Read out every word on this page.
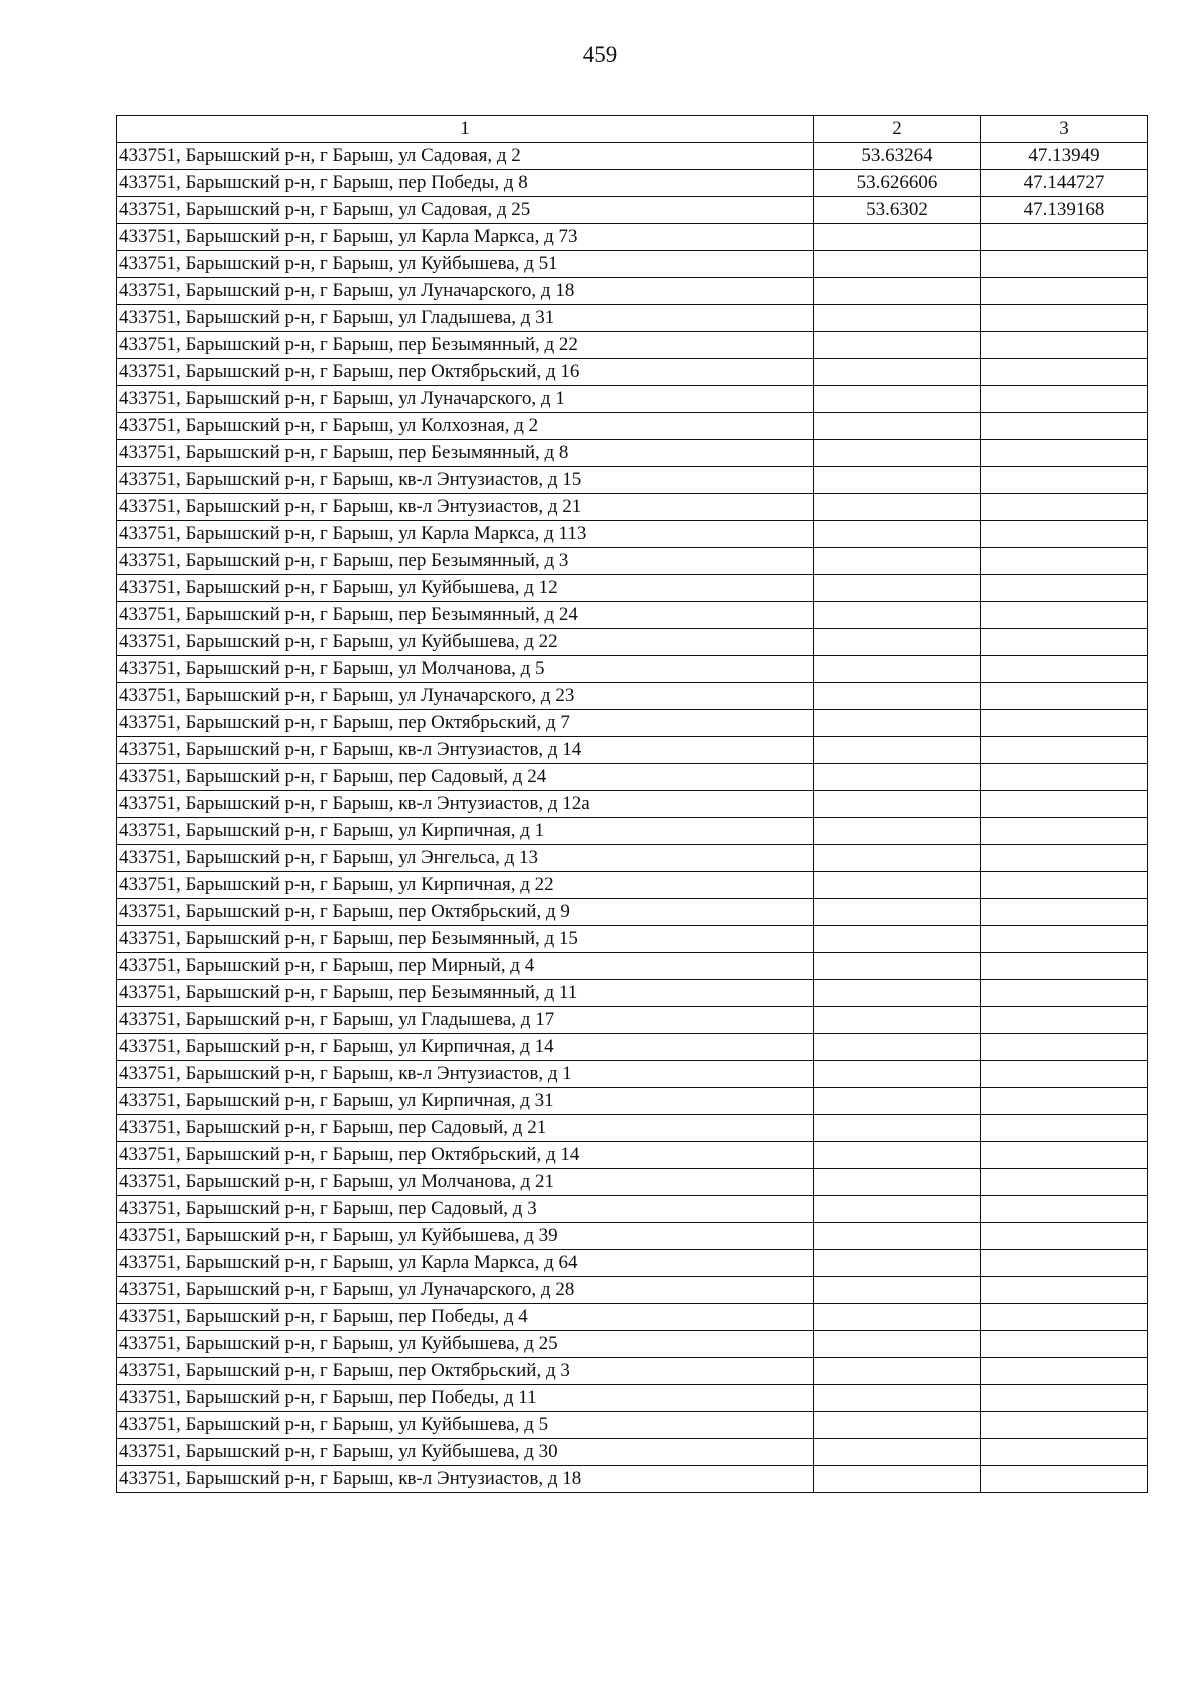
459
1	2	3
433751, Барышский р-н, г Барыш, ул Садовая, д 2	53.63264	47.13949
433751, Барышский р-н, г Барыш, пер Победы, д 8	53.626606	47.144727
433751, Барышский р-н, г Барыш, ул Садовая, д 25	53.6302	47.139168
433751, Барышский р-н, г Барыш, ул Карла Маркса, д 73		
433751, Барышский р-н, г Барыш, ул Куйбышева, д 51		
433751, Барышский р-н, г Барыш, ул Луначарского, д 18		
433751, Барышский р-н, г Барыш, ул Гладышева, д 31		
433751, Барышский р-н, г Барыш, пер Безымянный, д 22		
433751, Барышский р-н, г Барыш, пер Октябрьский, д 16		
433751, Барышский р-н, г Барыш, ул Луначарского, д 1		
433751, Барышский р-н, г Барыш, ул Колхозная, д 2		
433751, Барышский р-н, г Барыш, пер Безымянный, д 8		
433751, Барышский р-н, г Барыш, кв-л Энтузиастов, д 15		
433751, Барышский р-н, г Барыш, кв-л Энтузиастов, д 21		
433751, Барышский р-н, г Барыш, ул Карла Маркса, д 113		
433751, Барышский р-н, г Барыш, пер Безымянный, д 3		
433751, Барышский р-н, г Барыш, ул Куйбышева, д 12		
433751, Барышский р-н, г Барыш, пер Безымянный, д 24		
433751, Барышский р-н, г Барыш, ул Куйбышева, д 22		
433751, Барышский р-н, г Барыш, ул Молчанова, д 5		
433751, Барышский р-н, г Барыш, ул Луначарского, д 23		
433751, Барышский р-н, г Барыш, пер Октябрьский, д 7		
433751, Барышский р-н, г Барыш, кв-л Энтузиастов, д 14		
433751, Барышский р-н, г Барыш, пер Садовый, д 24		
433751, Барышский р-н, г Барыш, кв-л Энтузиастов, д 12а		
433751, Барышский р-н, г Барыш, ул Кирпичная, д 1		
433751, Барышский р-н, г Барыш, ул Энгельса, д 13		
433751, Барышский р-н, г Барыш, ул Кирпичная, д 22		
433751, Барышский р-н, г Барыш, пер Октябрьский, д 9		
433751, Барышский р-н, г Барыш, пер Безымянный, д 15		
433751, Барышский р-н, г Барыш, пер Мирный, д 4		
433751, Барышский р-н, г Барыш, пер Безымянный, д 11		
433751, Барышский р-н, г Барыш, ул Гладышева, д 17		
433751, Барышский р-н, г Барыш, ул Кирпичная, д 14		
433751, Барышский р-н, г Барыш, кв-л Энтузиастов, д 1		
433751, Барышский р-н, г Барыш, ул Кирпичная, д 31		
433751, Барышский р-н, г Барыш, пер Садовый, д 21		
433751, Барышский р-н, г Барыш, пер Октябрьский, д 14		
433751, Барышский р-н, г Барыш, ул Молчанова, д 21		
433751, Барышский р-н, г Барыш, пер Садовый, д 3		
433751, Барышский р-н, г Барыш, ул Куйбышева, д 39		
433751, Барышский р-н, г Барыш, ул Карла Маркса, д 64		
433751, Барышский р-н, г Барыш, ул Луначарского, д 28		
433751, Барышский р-н, г Барыш, пер Победы, д 4		
433751, Барышский р-н, г Барыш, ул Куйбышева, д 25		
433751, Барышский р-н, г Барыш, пер Октябрьский, д 3		
433751, Барышский р-н, г Барыш, пер Победы, д 11		
433751, Барышский р-н, г Барыш, ул Куйбышева, д 5		
433751, Барышский р-н, г Барыш, ул Куйбышева, д 30		
433751, Барышский р-н, г Барыш, кв-л Энтузиастов, д 18		
